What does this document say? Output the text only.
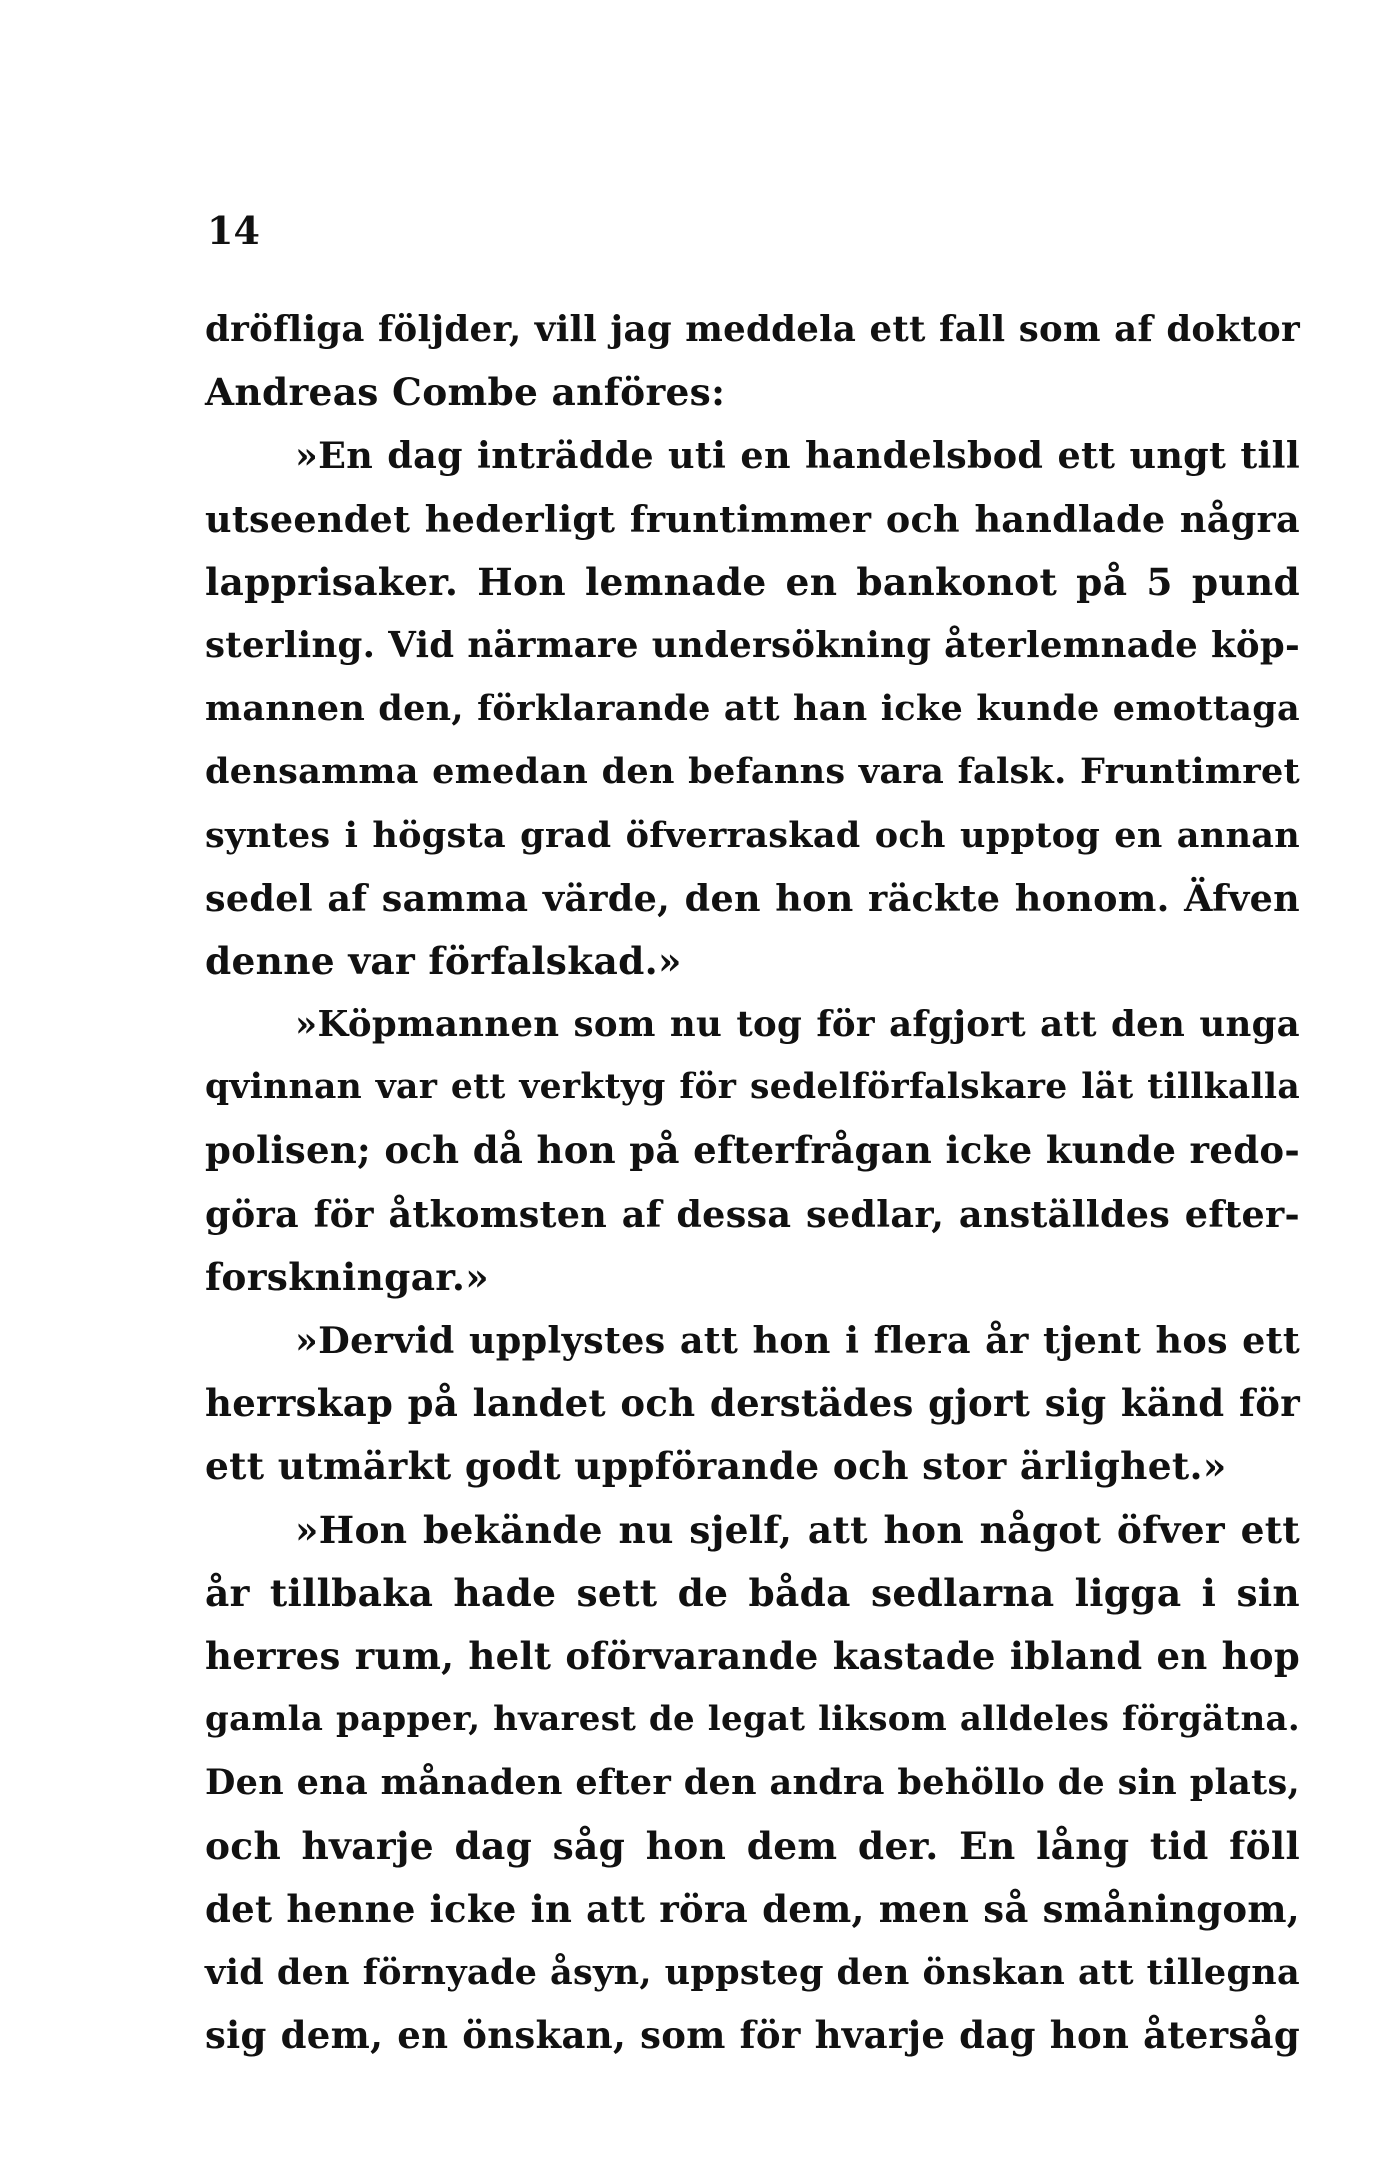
14
dröfliga följder, vill jag meddela ett fall som af doktor
Andreas Combe anföres:
»En dag inträdde uti en handelsbod ett ungt till
utseendet hederligt fruntimmer och handlade några
lapprisaker. Hon lemnade en bankonot på 5 pund
sterling. Vid närmare undersökning återlemnade köp-
mannen den, förklarande att han icke kunde emottaga
densamma emedan den befanns vara falsk. Fruntimret
syntes i högsta grad öfverraskad och upptog en annan
sedel af samma värde, den hon räckte honom. Äfven
denne var förfalskad.»
»Köpmannen som nu tog för afgjort att den unga
qvinnan var ett verktyg för sedelförfalskare lät tillkalla
polisen; och då hon på efterfrågan icke kunde redo-
göra för åtkomsten af dessa sedlar, anställdes efter-
forskningar.»
»Dervid upplystes att hon i flera år tjent hos ett
herrskap på landet och derstädes gjort sig känd för
ett utmärkt godt uppförande och stor ärlighet.»
»Hon bekände nu sjelf, att hon något öfver ett
år tillbaka hade sett de båda sedlarna ligga i sin
herres rum, helt oförvarande kastade ibland en hop
gamla papper, hvarest de legat liksom alldeles förgätna.
Den ena månaden efter den andra behöllo de sin plats,
och hvarje dag såg hon dem der. En lång tid föll
det henne icke in att röra dem, men så småningom,
vid den förnyade åsyn, uppsteg den önskan att tillegna
sig dem, en önskan, som för hvarje dag hon återsåg
